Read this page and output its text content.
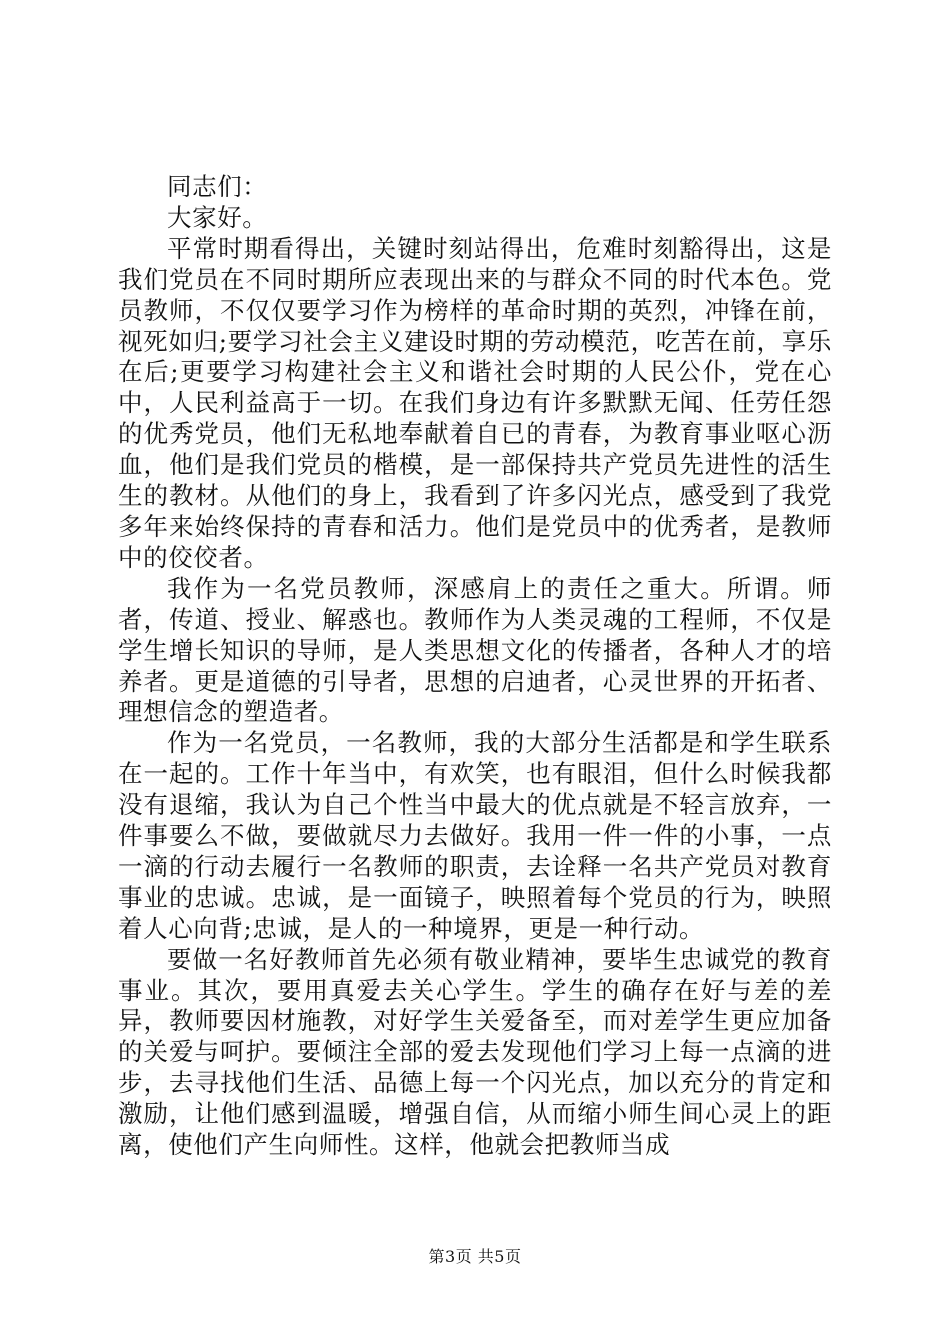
同志们：

大家好。

平常时期看得出，关键时刻站得出，危难时刻豁得出，这是我们党员在不同时期所应表现出来的与群众不同的时代本色。党员教师，不仅仅要学习作为榜样的革命时期的英烈，冲锋在前，视死如归;要学习社会主义建设时期的劳动模范，吃苦在前，享乐在后;更要学习构建社会主义和谐社会时期的人民公仆，党在心中，人民利益高于一切。在我们身边有许多默默无闻、任劳任怨的优秀党员，他们无私地奉献着自已的青春，为教育事业呕心沥血，他们是我们党员的楷模，是一部保持共产党员先进性的活生生的教材。从他们的身上，我看到了许多闪光点，感受到了我党多年来始终保持的青春和活力。他们是党员中的优秀者，是教师中的佼佼者。

我作为一名党员教师，深感肩上的责任之重大。所谓。师者，传道、授业、解惑也。教师作为人类灵魂的工程师，不仅是学生增长知识的导师，是人类思想文化的传播者，各种人才的培养者。更是道德的引导者，思想的启迪者，心灵世界的开拓者、理想信念的塑造者。

作为一名党员，一名教师，我的大部分生活都是和学生联系在一起的。工作十年当中，有欢笑，也有眼泪，但什么时候我都没有退缩，我认为自己个性当中最大的优点就是不轻言放弃，一件事要么不做，要做就尽力去做好。我用一件一件的小事，一点一滴的行动去履行一名教师的职责，去诠释一名共产党员对教育事业的忠诚。忠诚，是一面镜子，映照着每个党员的行为，映照着人心向背;忠诚，是人的一种境界，更是一种行动。

要做一名好教师首先必须有敬业精神，要毕生忠诚党的教育事业。其次，要用真爱去关心学生。学生的确存在好与差的差异，教师要因材施教，对好学生关爱备至，而对差学生更应加备的关爱与呵护。要倾注全部的爱去发现他们学习上每一点滴的进步，去寻找他们生活、品德上每一个闪光点，加以充分的肯定和激励，让他们感到温暖，增强自信，从而缩小师生间心灵上的距离，使他们产生向师性。这样，他就会把教师当成

第3页 共5页
